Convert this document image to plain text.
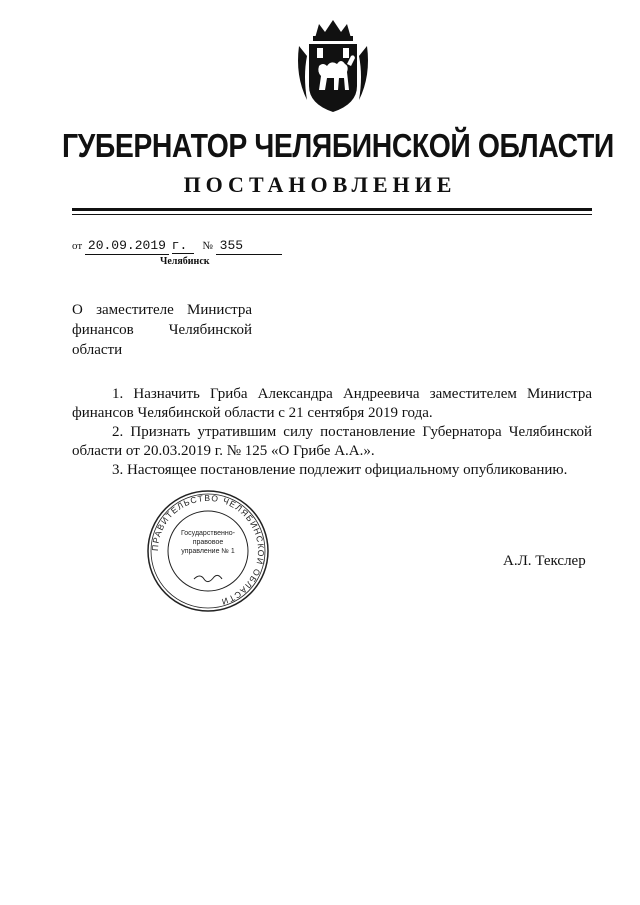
ГУБЕРНАТОР ЧЕЛЯБИНСКОЙ ОБЛАСТИ
ПОСТАНОВЛЕНИЕ
от 20.09.2019 г. № 355
Челябинск
О заместителе Министра финансов Челябинской области

1. Назначить Гриба Александра Андреевича заместителем Министра финансов Челябинской области с 21 сентября 2019 года.

2. Признать утратившим силу постановление Губернатора Челябинской области от 20.03.2019 г. № 125 «О Грибе А.А.».

3. Настоящее постановление подлежит официальному опубликованию.

ПРАВИТЕЛЬСТВО ЧЕЛЯБИНСКОЙ ОБЛАСТИ
Государственно-правовое управление № 1
А.Л. Текслер
